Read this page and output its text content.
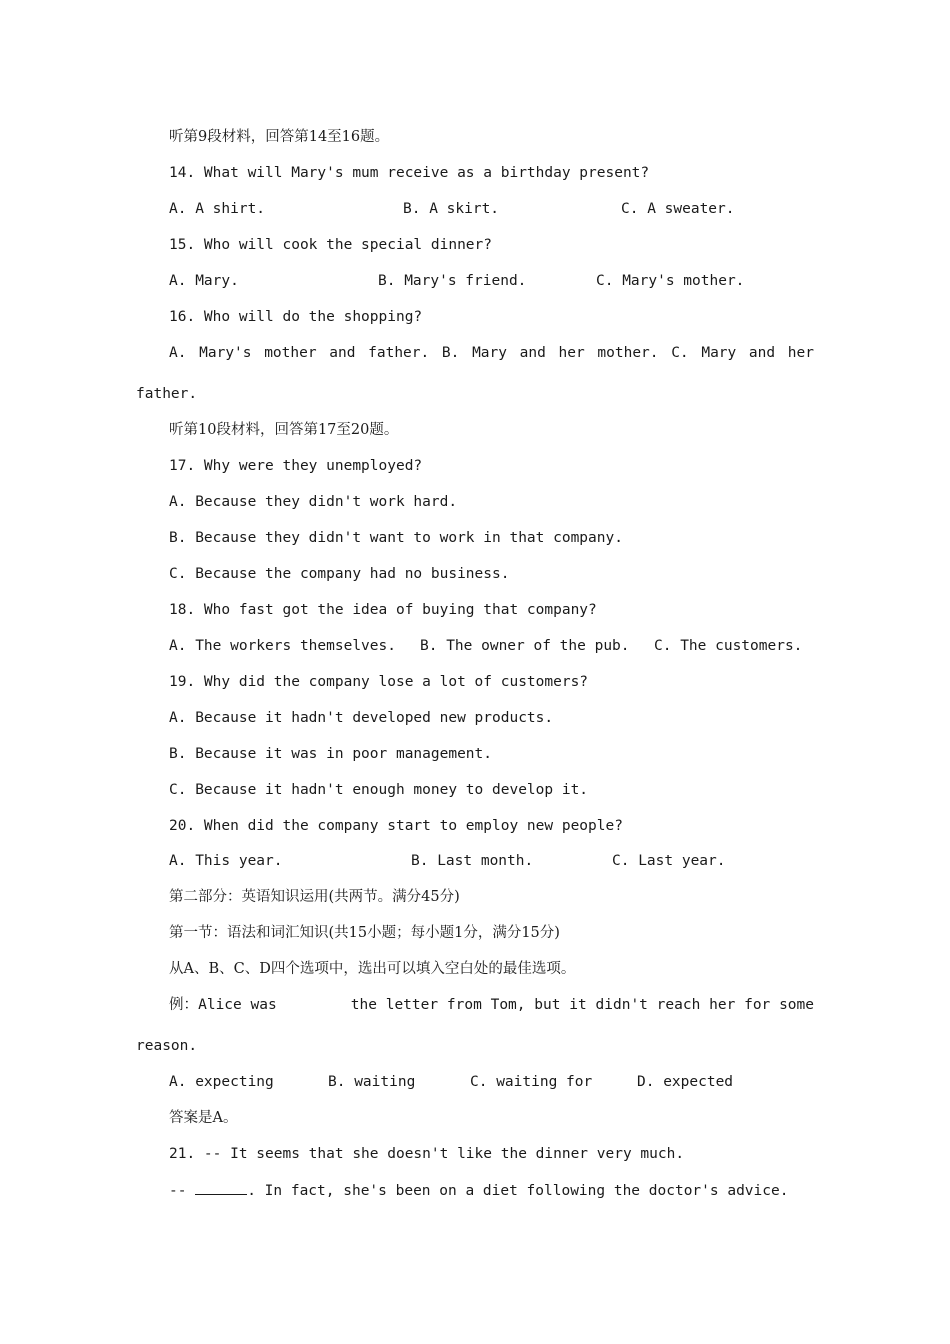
听第9段材料，回答第14至16题。
14. What will Mary's mum receive as a birthday present?
A. A shirt.	B. A skirt.	C. A sweater.
15. Who will cook the special dinner?
A. Mary.	B. Mary's friend.	C. Mary's mother.
16. Who will do the shopping?
A. Mary's mother and father. B. Mary and her mother. C. Mary and her
father.
听第10段材料，回答第17至20题。
17. Why were they unemployed?
A. Because they didn't work hard.
B. Because they didn't want to work in that company.
C. Because the company had no business.
18. Who fast got the idea of buying that company?
A. The workers themselves. B. The owner of the pub. C. The customers.
19. Why did the company lose a lot of customers?
A. Because it hadn't developed new products.
B. Because it was in poor management.
C. Because it hadn't enough money to develop it.
20. When did the company start to employ new people?
A. This year.	B. Last month.	C. Last year.
第二部分：英语知识运用(共两节。满分45分)
第一节：语法和词汇知识(共15小题；每小题1分，满分15分)
从A、B、C、D四个选项中，选出可以填入空白处的最佳选项。
例：Alice was	the letter from Tom, but it didn't reach her for some
reason.
A. expecting	B. waiting	C. waiting for	D. expected
答案是A。
21. -- It seems that she doesn't like the dinner very much.
--	. In fact, she's been on a diet following the doctor's advice.
